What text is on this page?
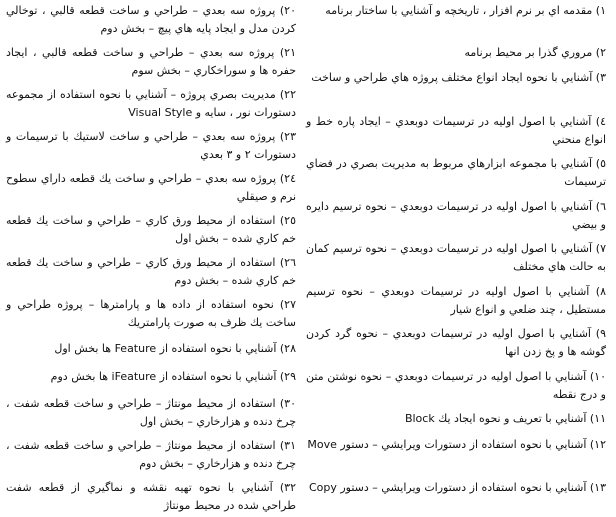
١) مقدمه اي بر نرم افزار ، تاريخچه و آشنايي با ساختار برنامه

٢) مروري گذرا بر محيط برنامه

٣) آشنايي با نحوه ايجاد انواع مختلف پروژه هاي طراحي و ساخت

٤) آشنايي با اصول اوليه در ترسيمات دوبعدي – ايجاد پاره خط و انواع منحني

٥) آشنايي با مجموعه ابزارهاي مربوط به مديريت بصري در فضاي ترسيمات

٦) آشنايي با اصول اوليه در ترسيمات دوبعدي – نحوه ترسيم دايره و بيضي

٧) آشنايي با اصول اوليه در ترسيمات دوبعدي – نحوه ترسيم كمان به حالت هاي مختلف

٨) آشنايي با اصول اوليه در ترسيمات دوبعدي – نحوه ترسيم مستطيل ، چند ضلعي و انواع شيار

٩) آشنايي با اصول اوليه در ترسيمات دوبعدي – نحوه گرد كردن گوشه ها و پخ زدن انها

١٠) آشنايي با اصول اوليه در ترسيمات دوبعدي – نحوه نوشتن متن و درج نقطه

١١) آشنايي با تعريف و نحوه ايجاد يك Block

١٢) آشنايي با نحوه استفاده از دستورات ويرايشي – دستور Move

١٣) آشنايي با نحوه استفاده از دستورات ويرايشي – دستور Copy

٢٠) پروژه سه بعدي – طراحي و ساخت قطعه قالبي ، توخالي كردن مدل و ايجاد پايه هاي پيچ – بخش دوم

٢١) پروژه سه بعدي – طراحي و ساخت قطعه قالبي ، ايجاد حفره ها و سوراخكاري – بخش سوم

٢٢) مديريت بصري پروژه – آشنايي با نحوه استفاده از مجموعه دستورات نور ، سايه و Visual Style

٢٣) پروژه سه بعدي – طراحي و ساخت لاستيك با ترسيمات و دستورات ٢ و ٣ بعدي

٢٤) پروژه سه بعدي – طراحي و ساخت يك قطعه داراي سطوح نرم و صيقلي

٢٥) استفاده از محيط ورق كاري – طراحي و ساخت يك قطعه خم كاري شده – بخش اول

٢٦) استفاده از محيط ورق كاري – طراحي و ساخت يك قطعه خم كاري شده – بخش دوم

٢٧) نحوه استفاده از داده ها و پارامترها – پروژه طراحي و ساخت يك ظرف به صورت پارامتريك

٢٨) آشنايي با نحوه استفاده از Feature ها بخش اول

٢٩) آشنايي با نحوه استفاده از iFeature ها بخش دوم

٣٠) استفاده از محيط مونتاژ – طراحي و ساخت قطعه شفت ، چرخ دنده و هزارخاري – بخش اول

٣١) استفاده از محيط مونتاژ – طراحي و ساخت قطعه شفت ، چرخ دنده و هزارخاري – بخش دوم

٣٢) آشنايي با نحوه تهيه نقشه و نماگيري از قطعه شفت طراحي شده در محيط مونتاژ
